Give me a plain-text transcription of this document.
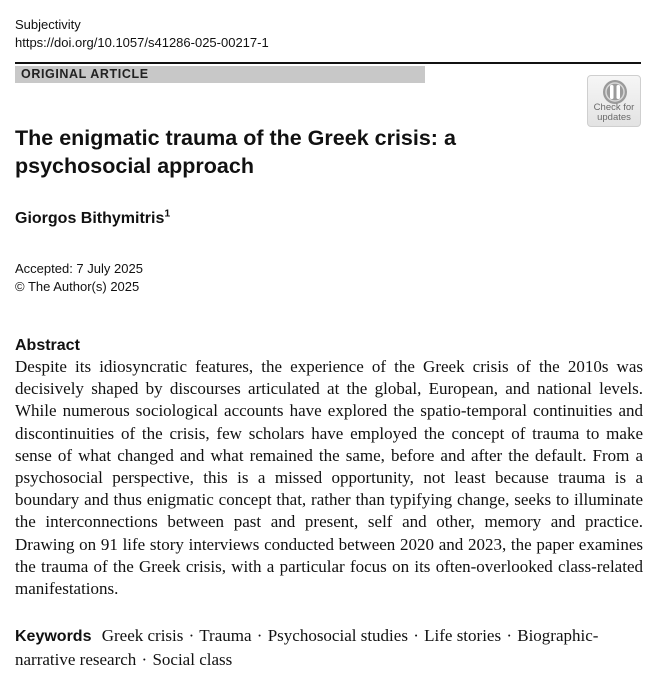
Subjectivity
https://doi.org/10.1057/s41286-025-00217-1
ORIGINAL ARTICLE
Check for
updates
The enigmatic trauma of the Greek crisis: a psychosocial approach
Giorgos Bithymitris$^1$
Accepted: 7 July 2025
© The Author(s) 2025
Abstract

Despite its idiosyncratic features, the experience of the Greek crisis of the 2010s was decisively shaped by discourses articulated at the global, European, and national levels. While numerous sociological accounts have explored the spatio-temporal continuities and discontinuities of the crisis, few scholars have employed the concept of trauma to make sense of what changed and what remained the same, before and after the default. From a psychosocial perspective, this is a missed opportunity, not least because trauma is a boundary and thus enigmatic concept that, rather than typifying change, seeks to illuminate the interconnections between past and present, self and other, memory and practice. Drawing on 91 life story interviews conducted between 2020 and 2023, the paper examines the trauma of the Greek crisis, with a particular focus on its often-overlooked class-related manifestations.

Keywords Greek crisis · Trauma · Psychosocial studies · Life stories · Biographic-narrative research · Social class
